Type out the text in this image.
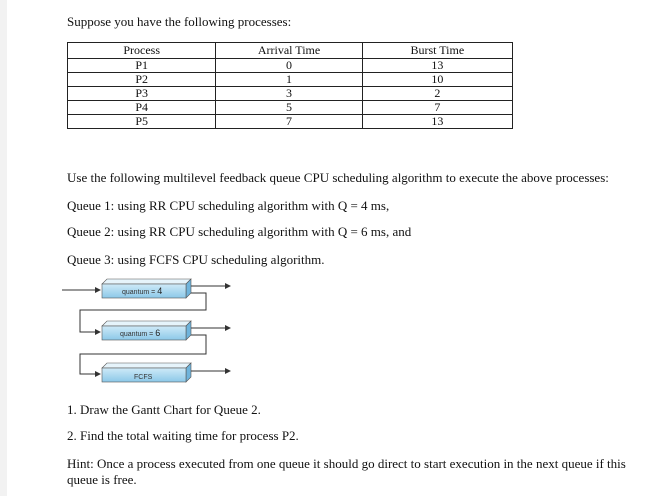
Suppose you have the following processes:
Process	Arrival Time	Burst Time
P1	0	13
P2	1	10
P3	3	2
P4	5	7
P5	7	13
Use the following multilevel feedback queue CPU scheduling algorithm to execute the above processes:
Queue 1: using RR CPU scheduling algorithm with Q = 4 ms,
Queue 2: using RR CPU scheduling algorithm with Q = 6 ms, and
Queue 3: using FCFS CPU scheduling algorithm.
quantum = 4
quantum = 6
FCFS
1. Draw the Gantt Chart for Queue 2.
2. Find the total waiting time for process P2.
Hint: Once a process executed from one queue it should go direct to start execution in the next queue if this queue is free.
